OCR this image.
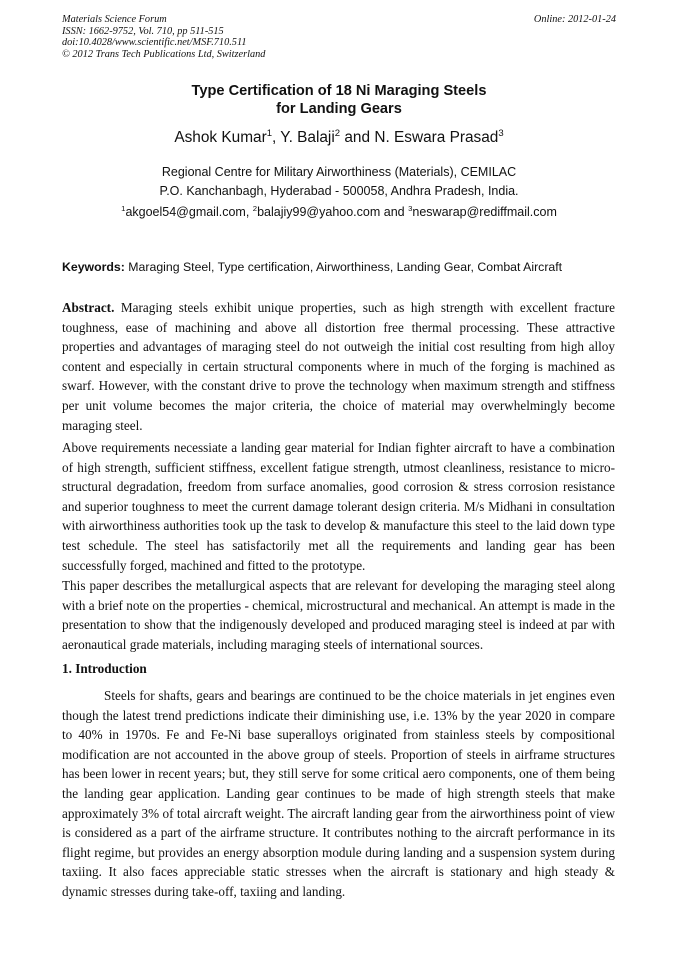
Materials Science Forum
ISSN: 1662-9752, Vol. 710, pp 511-515
doi:10.4028/www.scientific.net/MSF.710.511
© 2012 Trans Tech Publications Ltd, Switzerland
Online: 2012-01-24
Type Certification of 18 Ni Maraging Steels
for Landing Gears
Ashok Kumar$^1$, Y. Balaji$^2$ and N. Eswara Prasad$^3$
Regional Centre for Military Airworthiness (Materials), CEMILAC
P.O. Kanchanbagh, Hyderabad - 500058, Andhra Pradesh, India.
$^1$akgoel54@gmail.com, $^2$balajiy99@yahoo.com and $^3$neswarap@rediffmail.com
Keywords: Maraging Steel, Type certification, Airworthiness, Landing Gear, Combat Aircraft

Abstract. Maraging steels exhibit unique properties, such as high strength with excellent fracture toughness, ease of machining and above all distortion free thermal processing. These attractive properties and advantages of maraging steel do not outweigh the initial cost resulting from high alloy content and especially in certain structural components where in much of the forging is machined as swarf. However, with the constant drive to prove the technology when maximum strength and stiffness per unit volume becomes the major criteria, the choice of material may overwhelmingly become maraging steel.

Above requirements necessiate a landing gear material for Indian fighter aircraft to have a combination of high strength, sufficient stiffness, excellent fatigue strength, utmost cleanliness, resistance to micro-structural degradation, freedom from surface anomalies, good corrosion & stress corrosion resistance and superior toughness to meet the current damage tolerant design criteria. M/s Midhani in consultation with airworthiness authorities took up the task to develop & manufacture this steel to the laid down type test schedule. The steel has satisfactorily met all the requirements and landing gear has been successfully forged, machined and fitted to the prototype.

This paper describes the metallurgical aspects that are relevant for developing the maraging steel along with a brief note on the properties - chemical, microstructural and mechanical. An attempt is made in the presentation to show that the indigenously developed and produced maraging steel is indeed at par with aeronautical grade materials, including maraging steels of international sources.

1. Introduction

Steels for shafts, gears and bearings are continued to be the choice materials in jet engines even though the latest trend predictions indicate their diminishing use, i.e. 13% by the year 2020 in compare to 40% in 1970s. Fe and Fe-Ni base superalloys originated from stainless steels by compositional modification are not accounted in the above group of steels. Proportion of steels in airframe structures has been lower in recent years; but, they still serve for some critical aero components, one of them being the landing gear application. Landing gear continues to be made of high strength steels that make approximately 3% of total aircraft weight. The aircraft landing gear from the airworthiness point of view is considered as a part of the airframe structure. It contributes nothing to the aircraft performance in its flight regime, but provides an energy absorption module during landing and a suspension system during taxiing. It also faces appreciable static stresses when the aircraft is stationary and high steady & dynamic stresses during take-off, taxiing and landing.
